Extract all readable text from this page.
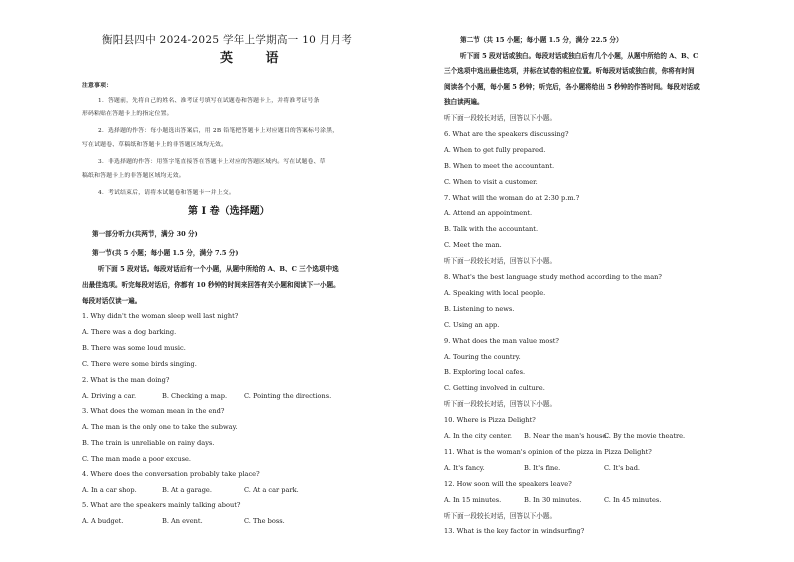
衡阳县四中 2024-2025 学年上学期高一 10 月月考
英 语
注意事项：
1．答题前，先将自己的姓名、准考证号填写在试题卷和答题卡上，并将准考证号条
形码粘贴在答题卡上的指定位置。
2．选择题的作答：每小题选出答案后，用 2B 铅笔把答题卡上对应题目的答案标号涂黑，
写在试题卷、草稿纸和答题卡上的非答题区域均无效。
3．非选择题的作答：用签字笔直接答在答题卡上对应的答题区域内。写在试题卷、草
稿纸和答题卡上的非答题区域均无效。
4．考试结束后，请将本试题卷和答题卡一并上交。
第 I 卷（选择题）
第一部分听力(共两节，满分 30 分)
第一节(共 5 小题；每小题 1.5 分，满分 7.5 分)
听下面 5 段对话。每段对话后有一个小题，从题中所给的 A、B、C 三个选项中选
出最佳选项。听完每段对话后，你都有 10 秒钟的时间来回答有关小题和阅读下一小题。
每段对话仅读一遍。
1. Why didn't the woman sleep well last night?
A. There was a dog barking.
B. There was some loud music.
C. There were some birds singing.
2. What is the man doing?
A. Driving a car.	B. Checking a map.	C. Pointing the directions.
3. What does the woman mean in the end?
A. The man is the only one to take the subway.
B. The train is unreliable on rainy days.
C. The man made a poor excuse.
4. Where does the conversation probably take place?
A. In a car shop.	B. At a garage.	C. At a car park.
5. What are the speakers mainly talking about?
A. A budget.	B. An event.	C. The boss.
第二节（共 15 小题；每小题 1.5 分，满分 22.5 分）
听下面 5 段对话或独白。每段对话或独白后有几个小题，从题中所给的 A、B、C
三个选项中选出最佳选项，并标在试卷的相应位置。听每段对话或独白前，你将有时间
阅读各个小题，每小题 5 秒钟；听完后，各小题将给出 5 秒钟的作答时间。每段对话或
独白读两遍。
听下面一段较长对话，回答以下小题。
6. What are the speakers discussing?
A. When to get fully prepared.
B. When to meet the accountant.
C. When to visit a customer.
7. What will the woman do at 2:30 p.m.?
A. Attend an appointment.
B. Talk with the accountant.
C. Meet the man.
听下面一段较长对话，回答以下小题。
8. What's the best language study method according to the man?
A. Speaking with local people.
B. Listening to news.
C. Using an app.
9. What does the man value most?
A. Touring the country.
B. Exploring local cafes.
C. Getting involved in culture.
听下面一段较长对话，回答以下小题。
10. Where is Pizza Delight?
A. In the city center. B. Near the man's house.
C. By the movie theatre.
11. What is the woman's opinion of the pizza in Pizza Delight?
A. It's fancy.	B. It's fine.	C. It's bad.
12. How soon will the speakers leave?
A. In 15 minutes.	B. In 30 minutes.	C. In 45 minutes.
听下面一段较长对话，回答以下小题。
13. What is the key factor in windsurfing?
